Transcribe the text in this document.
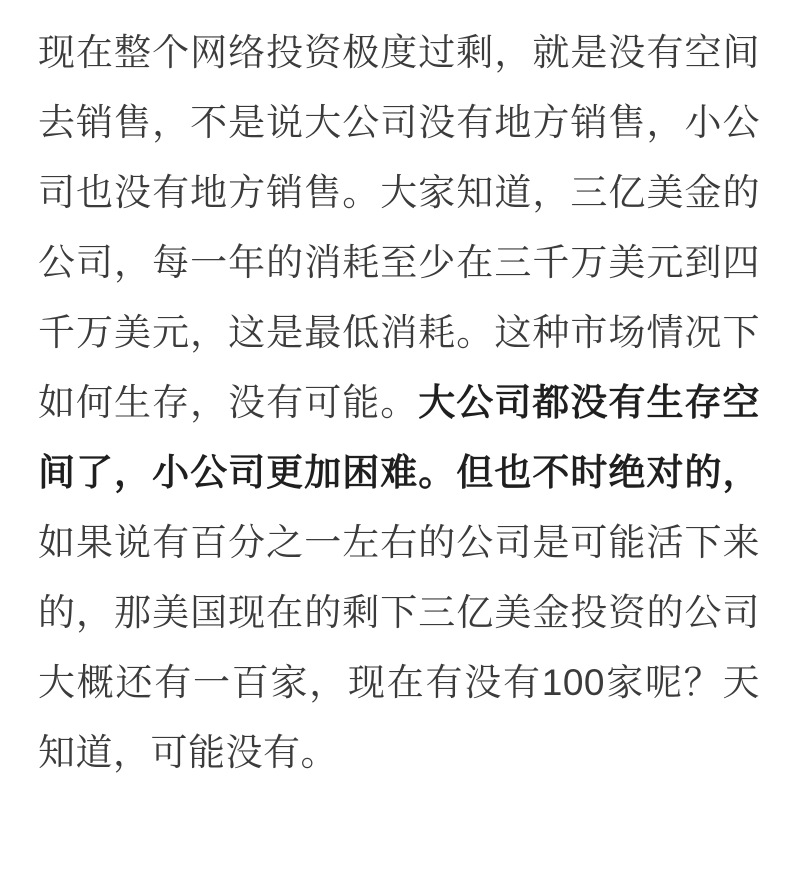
现在整个网络投资极度过剩，就是没有空间去销售，不是说大公司没有地方销售，小公司也没有地方销售。大家知道，三亿美金的公司，每一年的消耗至少在三千万美元到四千万美元，这是最低消耗。这种市场情况下如何生存，没有可能。大公司都没有生存空间了，小公司更加困难。但也不时绝对的，如果说有百分之一左右的公司是可能活下来的，那美国现在的剩下三亿美金投资的公司大概还有一百家，现在有没有100家呢？天知道，可能没有。
